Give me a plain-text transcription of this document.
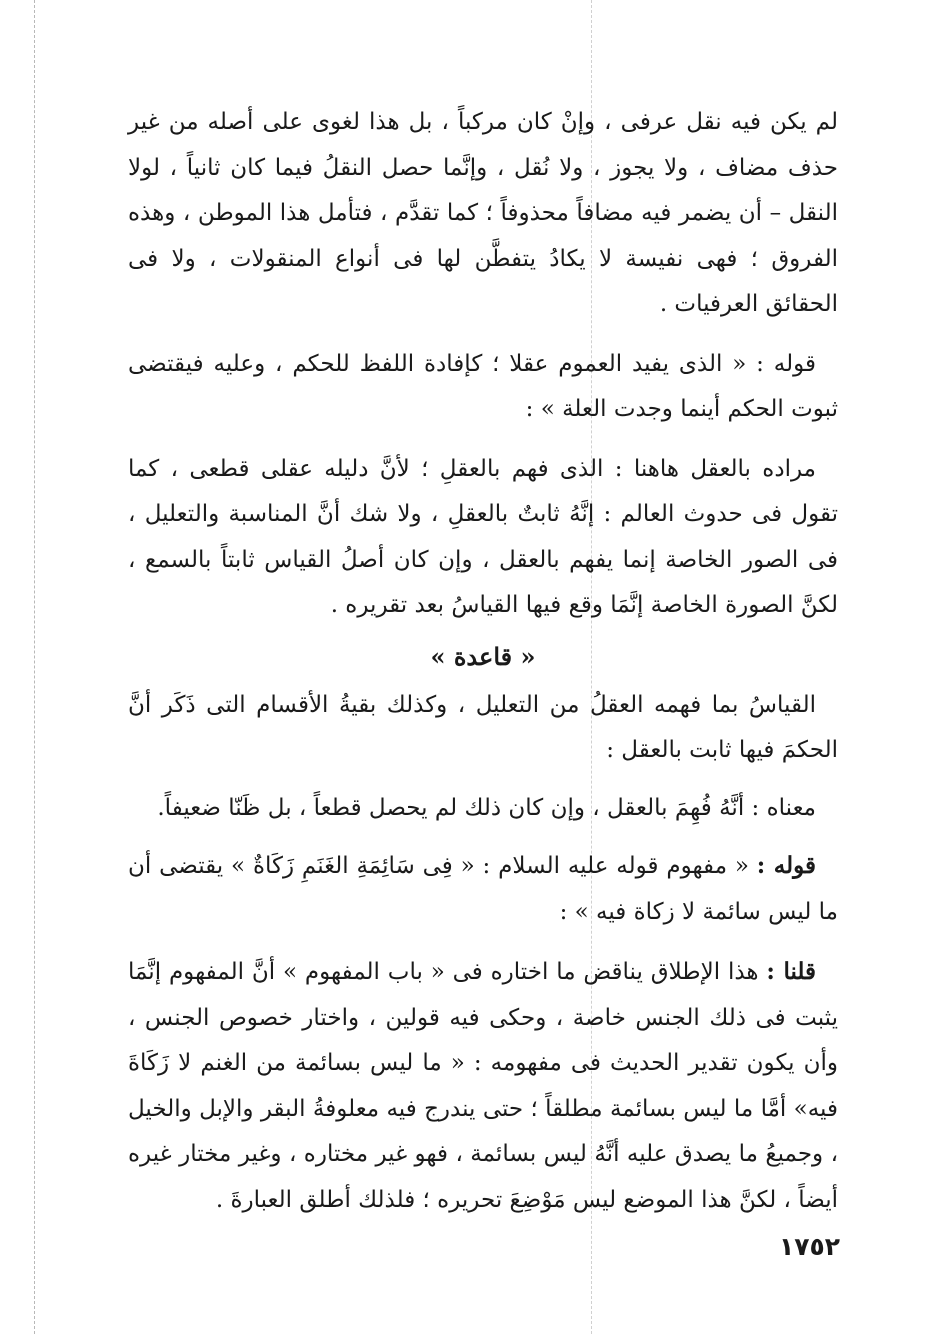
لم يكن فيه نقل عرفى ، وإنْ كان مركباً ، بل هذا لغوى على أصله من غير حذف مضاف ، ولا يجوز ، ولا نُقل ، وإنَّما حصل النقلُ فيما كان ثانياً ، لولا النقل – أن يضمر فيه مضافاً محذوفاً ؛ كما تقدَّم ، فتأمل هذا الموطن ، وهذه الفروق ؛ فهى نفيسة لا يكادُ يتفطَّن لها فى أنواع المنقولات ، ولا فى الحقائق العرفيات .

قوله : « الذى يفيد العموم عقلا ؛ كإفادة اللفظ للحكم ، وعليه فيقتضى ثبوت الحكم أينما وجدت العلة » :

مراده بالعقل هاهنا : الذى فهم بالعقلِ ؛ لأنَّ دليله عقلى قطعى ، كما تقول فى حدوث العالم : إنَّهُ ثابتٌ بالعقلِ ، ولا شك أنَّ المناسبة والتعليل ، فى الصور الخاصة إنما يفهم بالعقل ، وإن كان أصلُ القياس ثابتاً بالسمع ، لكنَّ الصورة الخاصة إنَّمَا وقع فيها القياسُ بعد تقريره .

« قاعدة »

القياسُ بما فهمه العقلُ من التعليل ، وكذلك بقيةُ الأقسام التى ذَكَر أنَّ الحكمَ فيها ثابت بالعقل :

معناه : أنَّهُ فُهِمَ بالعقل ، وإن كان ذلك لم يحصل قطعاً ، بل ظَنّا ضعيفاً.

قوله : « مفهوم قوله عليه السلام : « فِى سَائِمَةِ الغَنَمِ زَكَاةٌ » يقتضى أن ما ليس سائمة لا زكاة فيه » :

قلنا : هذا الإطلاق يناقض ما اختاره فى « باب المفهوم » أنَّ المفهوم إنَّمَا يثبت فى ذلك الجنس خاصة ، وحكى فيه قولين ، واختار خصوص الجنس ، وأن يكون تقدير الحديث فى مفهومه : « ما ليس بسائمة من الغنم لا زَكَاةَ فيه» أمَّا ما ليس بسائمة مطلقاً ؛ حتى يندرج فيه معلوفةُ البقر والإبل والخيل ، وجميعُ ما يصدق عليه أنَّهُ ليس بسائمة ، فهو غير مختاره ، وغير مختار غيره أيضاً ، لكنَّ هذا الموضع ليس مَوْضِعَ تحريره ؛ فلذلك أطلق العبارةَ .

١٧٥٢
